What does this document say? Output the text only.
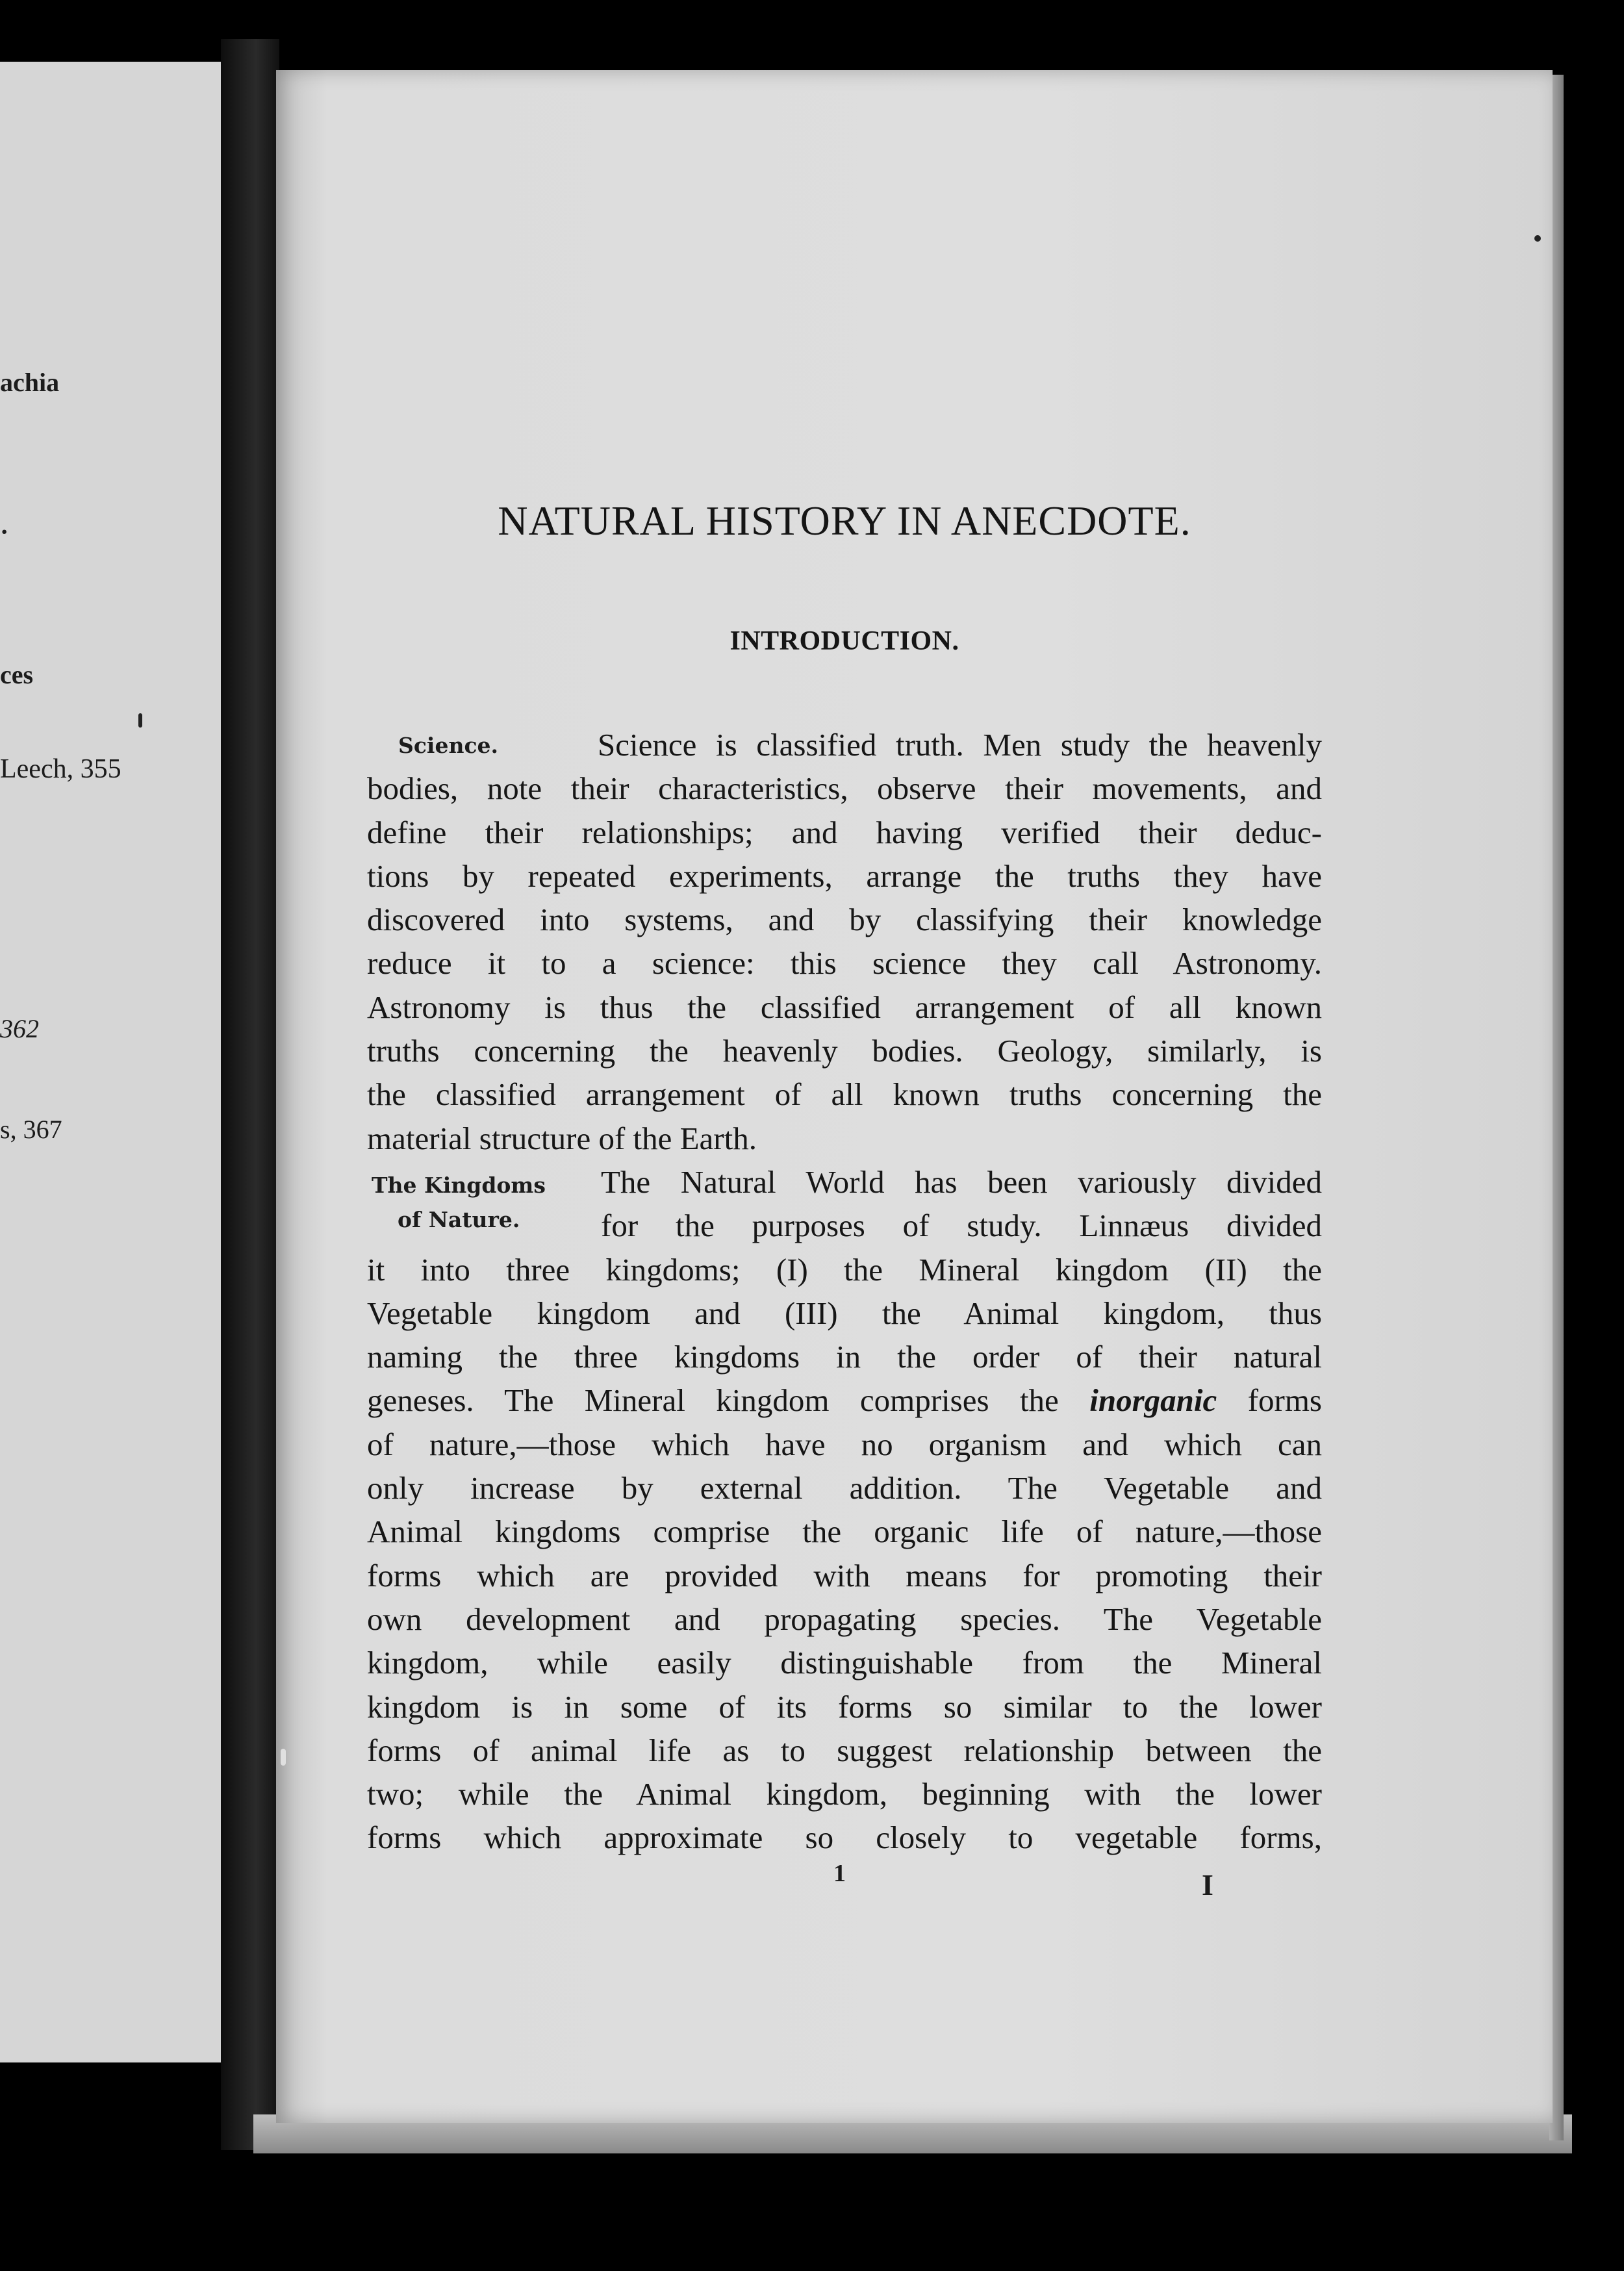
achia
·
ces
Leech, 355
362
s, 367
NATURAL HISTORY IN ANECDOTE.
INTRODUCTION.
Science.
The Kingdoms
of Nature.
Science is classified truth. Men study the heavenly
bodies, note their characteristics, observe their movements, and
define their relationships; and having verified their deduc-
tions by repeated experiments, arrange the truths they have
discovered into systems, and by classifying their knowledge
reduce it to a science: this science they call Astronomy.
Astronomy is thus the classified arrangement of all known
truths concerning the heavenly bodies. Geology, similarly, is
the classified arrangement of all known truths concerning the
material structure of the Earth.
The Natural World has been variously divided
for the purposes of study. Linnæus divided
it into three kingdoms; (I) the Mineral kingdom (II) the
Vegetable kingdom and (III) the Animal kingdom, thus
naming the three kingdoms in the order of their natural
geneses. The Mineral kingdom comprises the inorganic forms
of nature,—those which have no organism and which can
only increase by external addition. The Vegetable and
Animal kingdoms comprise the organic life of nature,—those
forms which are provided with means for promoting their
own development and propagating species. The Vegetable
kingdom, while easily distinguishable from the Mineral
kingdom is in some of its forms so similar to the lower
forms of animal life as to suggest relationship between the
two; while the Animal kingdom, beginning with the lower
forms which approximate so closely to vegetable forms,
1	I
